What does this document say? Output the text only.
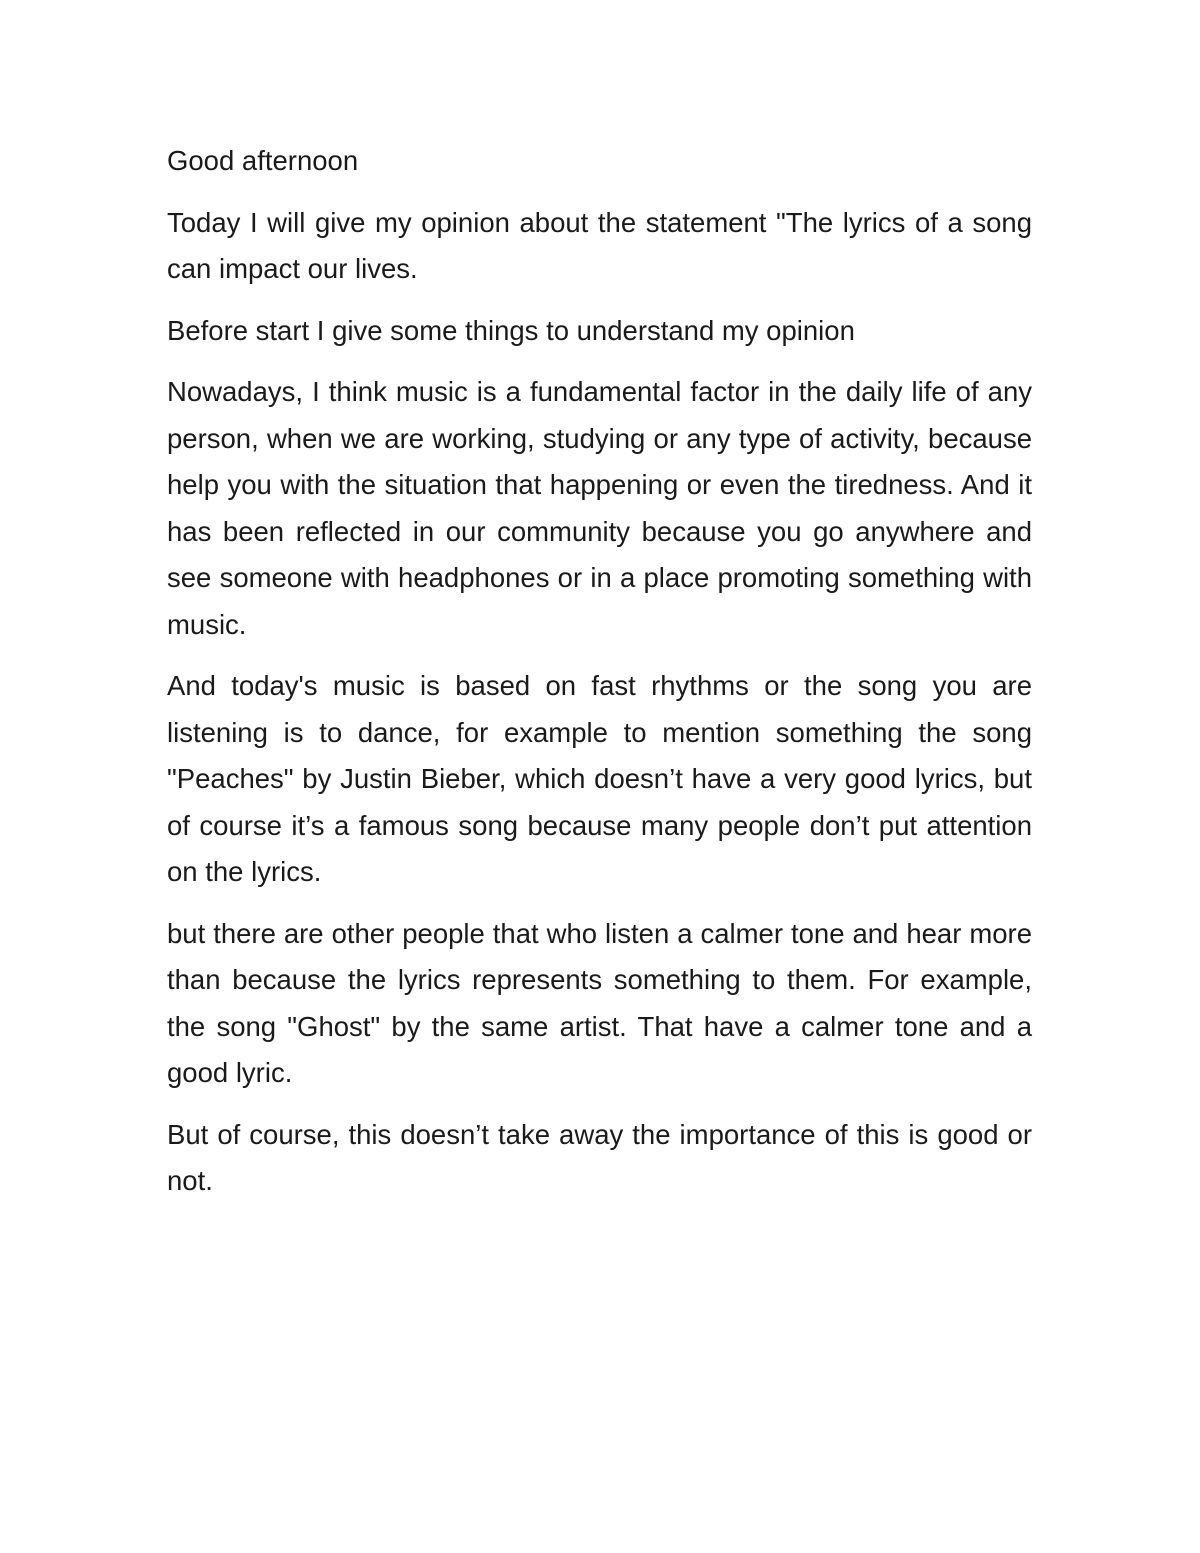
Good afternoon

Today I will give my opinion about the statement "The lyrics of a song can impact our lives.

Before start I give some things to understand my opinion

Nowadays, I think music is a fundamental factor in the daily life of any person, when we are working, studying or any type of activity, because help you with the situation that happening or even the tiredness. And it has been reflected in our community because you go anywhere and see someone with headphones or in a place promoting something with music.

And today's music is based on fast rhythms or the song you are listening is to dance, for example to mention something the song "Peaches" by Justin Bieber, which doesn’t have a very good lyrics, but of course it’s a famous song because many people don’t put attention on the lyrics.

but there are other people that who listen a calmer tone and hear more than because the lyrics represents something to them. For example, the song "Ghost" by the same artist. That have a calmer tone and a good lyric.

But of course, this doesn’t take away the importance of this is good or not.
